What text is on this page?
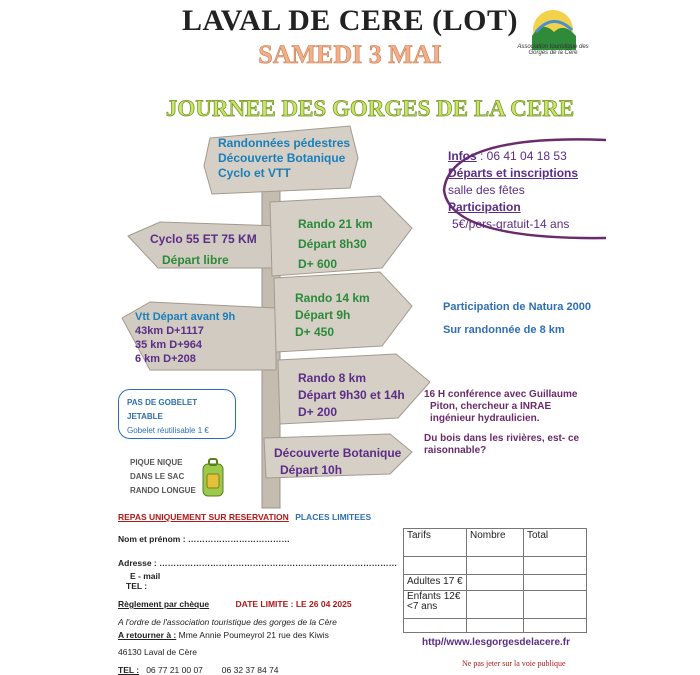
LAVAL DE CERE (LOT)
SAMEDI 3 MAI
JOURNEE DES GORGES DE LA CERE
Association touristique des Gorges de la Cère
Randonnées pédestres
Découverte Botanique
Cyclo et VTT
Cyclo 55 ET 75 KM
Départ libre
Rando 21 km
Départ 8h30
D+ 600
Rando 14 km
Départ 9h
D+ 450
Vtt Départ avant 9h
43km D+1117
35 km D+964
6 km D+208
Rando 8 km
Départ 9h30 et 14h
D+ 200
Découverte Botanique
Départ 10h
Infos : 06 41 04 18 53
Départs et inscriptions
salle des fêtes
Participation
5€/pers-gratuit-14 ans
Participation de Natura 2000
Sur randonnée de 8 km
16 H conférence avec Guillaume
Piton, chercheur a INRAE
ingénieur hydraulicien.
Du bois dans les rivières, est- ce
raisonnable?
PAS DE GOBELET JETABLE
Gobelet réutilisable 1 €
PIQUE NIQUE
DANS LE SAC
RANDO LONGUE
REPAS UNIQUEMENT SUR RESERVATION PLACES LIMITEES
Nom et prénom : ………………………………
Adresse : …………………………………………………………………………
E - mail
TEL :
Règlement par chèque	DATE LIMITE : LE 26 04 2025
A l'ordre de l'association touristique des gorges de la Cère
A retourner à : Mme Annie Poumeyrol 21 rue des Kiwis
46130 Laval de Cère
TEL :   06 77 21 00 07        06 32 37 84 74
Tarifs	Nombre	Total

Adultes 17 €		
Enfants 12€ <7 ans		

http//www.lesgorgesdelacere.fr
Ne pas jeter sur la voie publique
